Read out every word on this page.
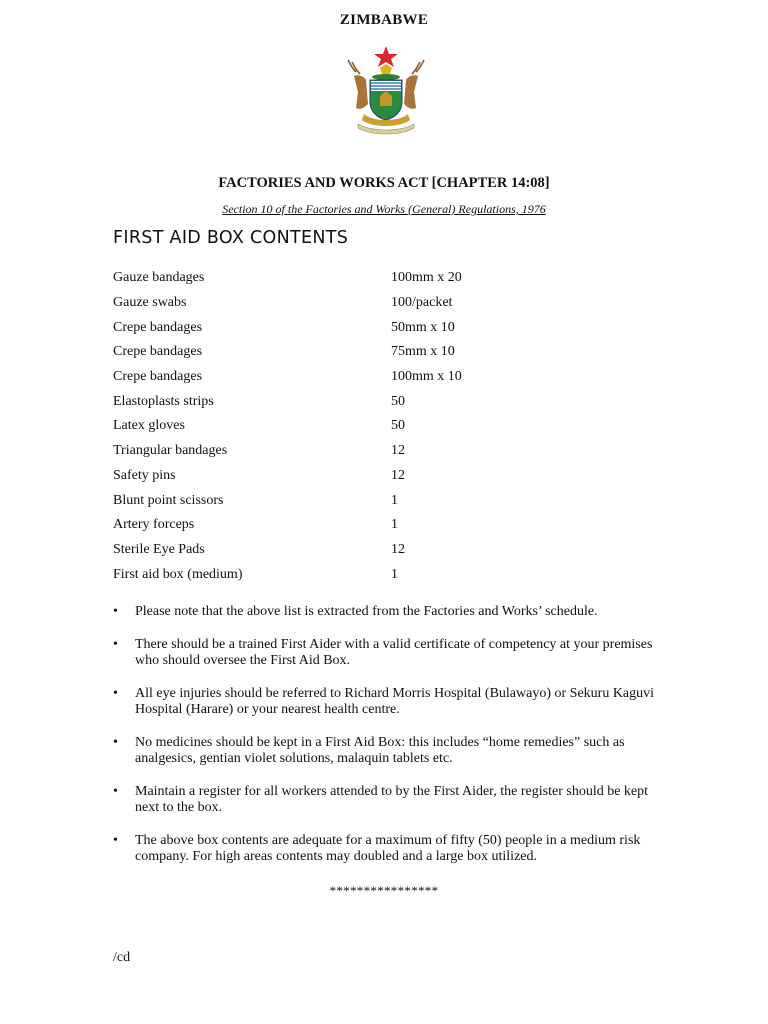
ZIMBABWE
FACTORIES AND WORKS ACT [CHAPTER 14:08]
Section 10 of the Factories and Works (General) Regulations, 1976
FIRST AID BOX CONTENTS
Gauze bandages	100mm x 20
Gauze swabs	100/packet
Crepe bandages	50mm x 10
Crepe bandages	75mm x 10
Crepe bandages	100mm x 10
Elastoplasts strips	50
Latex gloves	50
Triangular bandages	12
Safety pins	12
Blunt point scissors	1
Artery forceps	1
Sterile Eye Pads	12
First aid box (medium)	1
• Please note that the above list is extracted from the Factories and Works’ schedule.
• There should be a trained First Aider with a valid certificate of competency at your premises who should oversee the First Aid Box.
• All eye injuries should be referred to Richard Morris Hospital (Bulawayo) or Sekuru Kaguvi Hospital (Harare) or your nearest health centre.
• No medicines should be kept in a First Aid Box: this includes “home remedies” such as analgesics, gentian violet solutions, malaquin tablets etc.
• Maintain a register for all workers attended to by the First Aider, the register should be kept next to the box.
• The above box contents are adequate for a maximum of fifty (50) people in a medium risk company. For high areas contents may doubled and a large box utilized.
****************
/cd
